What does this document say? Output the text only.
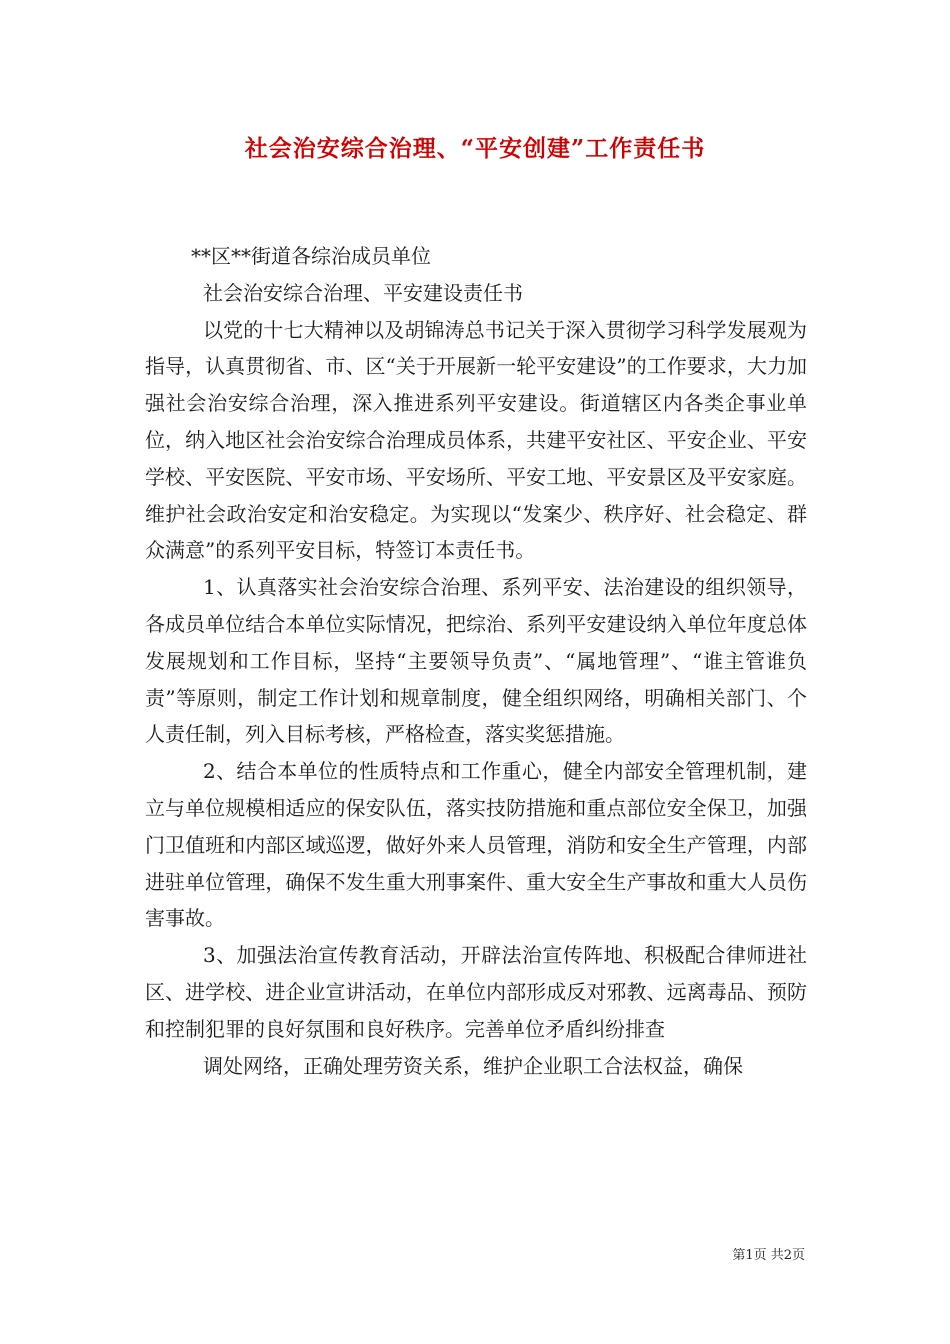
社会治安综合治理、“平安创建”工作责任书

**区**街道各综治成员单位

社会治安综合治理、平安建设责任书

以党的十七大精神以及胡锦涛总书记关于深入贯彻学习科学发展观为指导，认真贯彻省、市、区“关于开展新一轮平安建设”的工作要求，大力加强社会治安综合治理，深入推进系列平安建设。街道辖区内各类企事业单位，纳入地区社会治安综合治理成员体系，共建平安社区、平安企业、平安学校、平安医院、平安市场、平安场所、平安工地、平安景区及平安家庭。维护社会政治安定和治安稳定。为实现以“发案少、秩序好、社会稳定、群众满意”的系列平安目标，特签订本责任书。

1、认真落实社会治安综合治理、系列平安、法治建设的组织领导，各成员单位结合本单位实际情况，把综治、系列平安建设纳入单位年度总体发展规划和工作目标，坚持“主要领导负责”、“属地管理”、“谁主管谁负责”等原则，制定工作计划和规章制度，健全组织网络，明确相关部门、个人责任制，列入目标考核，严格检查，落实奖惩措施。

2、结合本单位的性质特点和工作重心，健全内部安全管理机制，建立与单位规模相适应的保安队伍，落实技防措施和重点部位安全保卫，加强门卫值班和内部区域巡逻，做好外来人员管理，消防和安全生产管理，内部进驻单位管理，确保不发生重大刑事案件、重大安全生产事故和重大人员伤害事故。

3、加强法治宣传教育活动，开辟法治宣传阵地、积极配合律师进社区、进学校、进企业宣讲活动，在单位内部形成反对邪教、远离毒品、预防和控制犯罪的良好氛围和良好秩序。完善单位矛盾纠纷排查

调处网络，正确处理劳资关系，维护企业职工合法权益，确保

第1页 共2页
